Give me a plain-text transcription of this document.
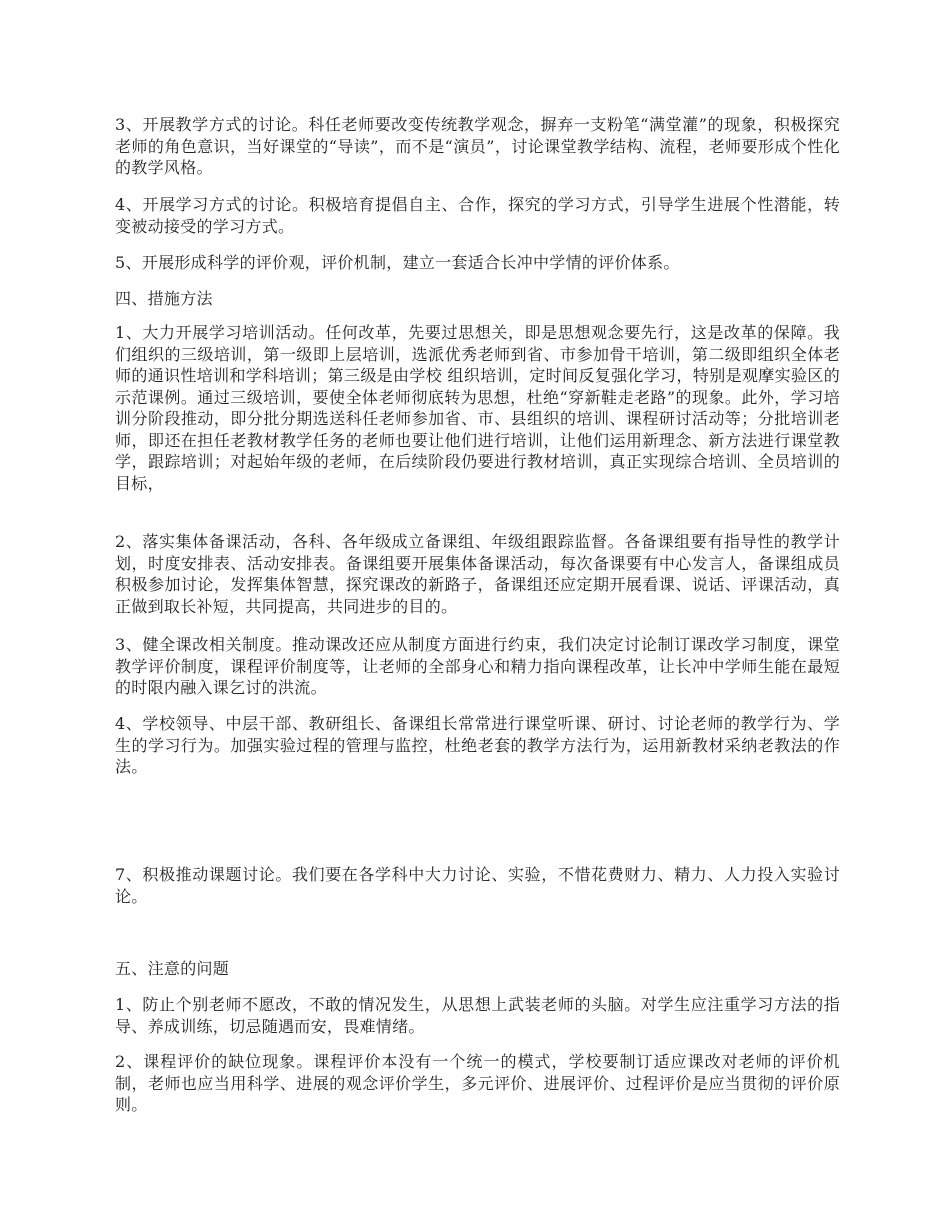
3、开展教学方式的讨论。科任老师要改变传统教学观念，摒弃一支粉笔“满堂灌”的现象，积极探究老师的角色意识，当好课堂的“导读”，而不是“演员”，讨论课堂教学结构、流程，老师要形成个性化的教学风格。

4、开展学习方式的讨论。积极培育提倡自主、合作，探究的学习方式，引导学生进展个性潜能，转变被动接受的学习方式。

5、开展形成科学的评价观，评价机制，建立一套适合长冲中学情的评价体系。

四、措施方法

1、大力开展学习培训活动。任何改革，先要过思想关，即是思想观念要先行，这是改革的保障。我们组织的三级培训，第一级即上层培训，选派优秀老师到省、市参加骨干培训，第二级即组织全体老师的通识性培训和学科培训；第三级是由学校 组织培训，定时间反复强化学习，特别是观摩实验区的示范课例。通过三级培训，要使全体老师彻底转为思想，杜绝“穿新鞋走老路”的现象。此外，学习培训分阶段推动，即分批分期选送科任老师参加省、市、县组织的培训、课程研讨活动等；分批培训老师，即还在担任老教材教学任务的老师也要让他们进行培训，让他们运用新理念、新方法进行课堂教学，跟踪培训；对起始年级的老师，在后续阶段仍要进行教材培训，真正实现综合培训、全员培训的目标，

2、落实集体备课活动，各科、各年级成立备课组、年级组跟踪监督。各备课组要有指导性的教学计划，时度安排表、活动安排表。备课组要开展集体备课活动，每次备课要有中心发言人，备课组成员积极参加讨论，发挥集体智慧，探究课改的新路子，备课组还应定期开展看课、说话、评课活动，真正做到取长补短，共同提高，共同进步的目的。

3、健全课改相关制度。推动课改还应从制度方面进行约束，我们决定讨论制订课改学习制度，课堂教学评价制度，课程评价制度等，让老师的全部身心和精力指向课程改革，让长冲中学师生能在最短的时限内融入课乞讨的洪流。

4、学校领导、中层干部、教研组长、备课组长常常进行课堂听课、研讨、讨论老师的教学行为、学生的学习行为。加强实验过程的管理与监控，杜绝老套的教学方法行为，运用新教材采纳老教法的作法。

7、积极推动课题讨论。我们要在各学科中大力讨论、实验，不惜花费财力、精力、人力投入实验讨论。

五、注意的问题

1、防止个别老师不愿改，不敢的情况发生，从思想上武装老师的头脑。对学生应注重学习方法的指导、养成训练，切忌随遇而安，畏难情绪。

2、课程评价的缺位现象。课程评价本没有一个统一的模式，学校要制订适应课改对老师的评价机制，老师也应当用科学、进展的观念评价学生，多元评价、进展评价、过程评价是应当贯彻的评价原则。
